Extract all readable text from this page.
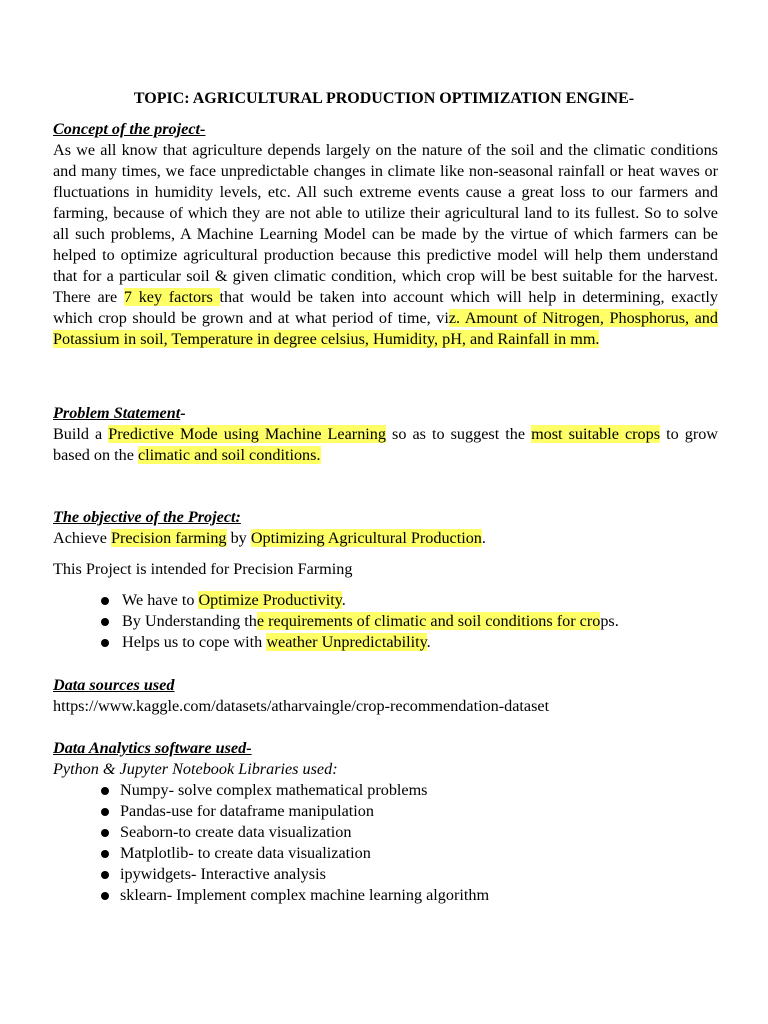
TOPIC: AGRICULTURAL PRODUCTION OPTIMIZATION ENGINE-
Concept of the project-
As we all know that agriculture depends largely on the nature of the soil and the climatic conditions and many times, we face unpredictable changes in climate like non-seasonal rainfall or heat waves or fluctuations in humidity levels, etc. All such extreme events cause a great loss to our farmers and farming, because of which they are not able to utilize their agricultural land to its fullest. So to solve all such problems, A Machine Learning Model can be made by the virtue of which farmers can be helped to optimize agricultural production because this predictive model will help them understand that for a particular soil & given climatic condition, which crop will be best suitable for the harvest. There are 7 key factors that would be taken into account which will help in determining, exactly which crop should be grown and at what period of time, viz. Amount of Nitrogen, Phosphorus, and Potassium in soil, Temperature in degree celsius, Humidity, pH, and Rainfall in mm.
Problem Statement-
Build a Predictive Mode using Machine Learning so as to suggest the most suitable crops to grow based on the climatic and soil conditions.
The objective of the Project:
Achieve Precision farming by Optimizing Agricultural Production.
This Project is intended for Precision Farming
We have to Optimize Productivity.
By Understanding the requirements of climatic and soil conditions for crops.
Helps us to cope with weather Unpredictability.
Data sources used
https://www.kaggle.com/datasets/atharvaingle/crop-recommendation-dataset
Data Analytics software used-
Python & Jupyter Notebook Libraries used:
Numpy- solve complex mathematical problems
Pandas-use for dataframe manipulation
Seaborn-to create data visualization
Matplotlib- to create data visualization
ipywidgets- Interactive analysis
sklearn- Implement complex machine learning algorithm
